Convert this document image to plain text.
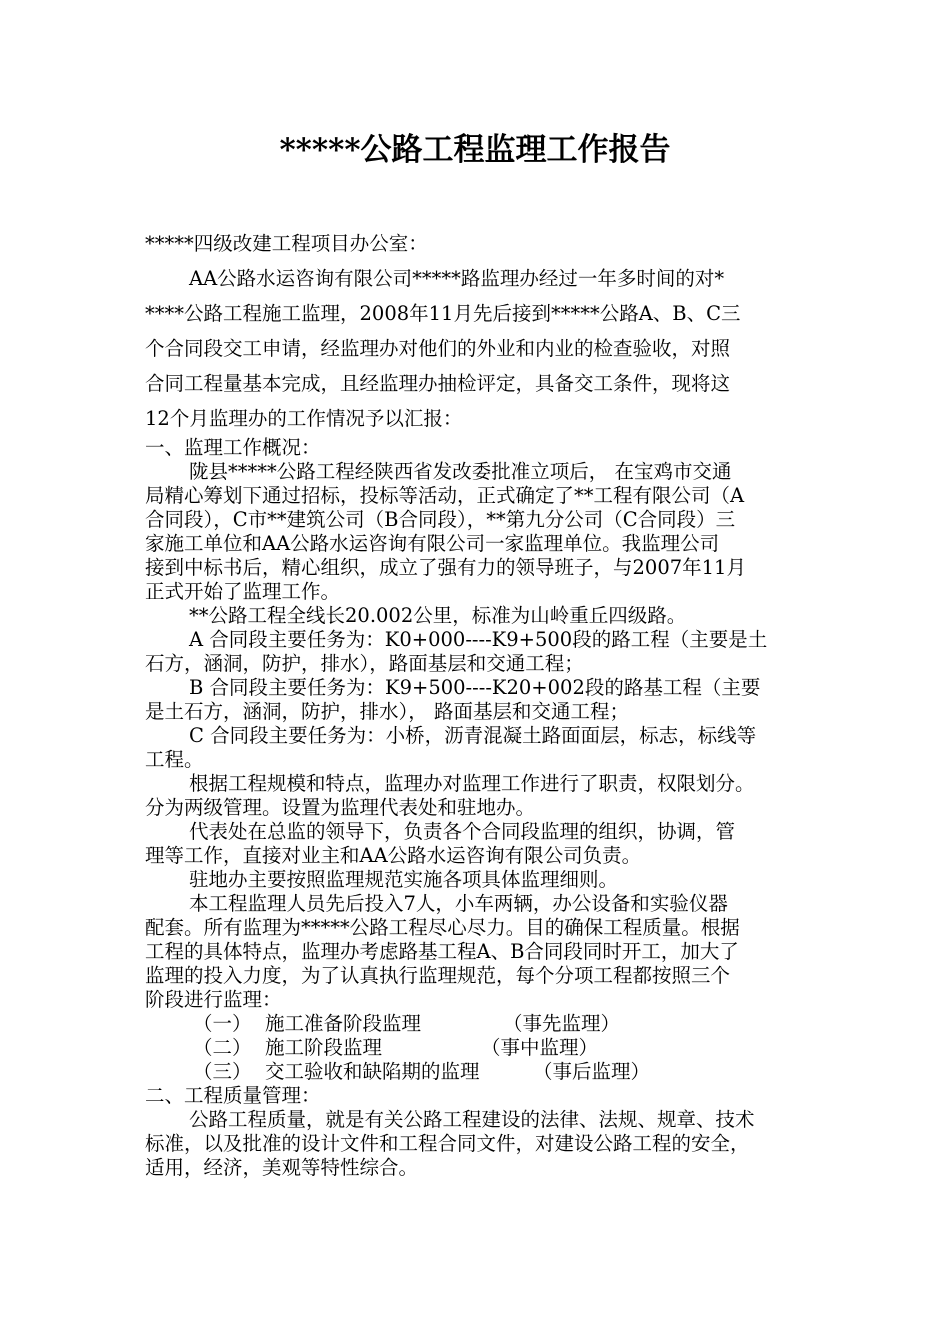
*****公路工程监理工作报告
*****四级改建工程项目办公室：
AA公路水运咨询有限公司*****路监理办经过一年多时间的对*
****公路工程施工监理，2008年11月先后接到*****公路A、B、C三
个合同段交工申请，经监理办对他们的外业和内业的检查验收，对照
合同工程量基本完成，且经监理办抽检评定，具备交工条件，现将这
12个月监理办的工作情况予以汇报：
一、监理工作概况：
陇县*****公路工程经陕西省发改委批准立项后， 在宝鸡市交通
局精心筹划下通过招标，投标等活动，正式确定了**工程有限公司（A
合同段），C市**建筑公司（B合同段），**第九分公司（C合同段）三
家施工单位和AA公路水运咨询有限公司一家监理单位。我监理公司
接到中标书后，精心组织，成立了强有力的领导班子，与2007年11月
正式开始了监理工作。
**公路工程全线长20.002公里，标准为山岭重丘四级路。
A 合同段主要任务为：K0+000----K9+500段的路工程（主要是土
石方，涵洞，防护，排水），路面基层和交通工程；
B 合同段主要任务为：K9+500----K20+002段的路基工程（主要
是土石方，涵洞，防护，排水）， 路面基层和交通工程；
C 合同段主要任务为：小桥，沥青混凝土路面面层，标志，标线等
工程。
根据工程规模和特点，监理办对监理工作进行了职责，权限划分。
分为两级管理。设置为监理代表处和驻地办。
代表处在总监的领导下，负责各个合同段监理的组织，协调，管
理等工作，直接对业主和AA公路水运咨询有限公司负责。
驻地办主要按照监理规范实施各项具体监理细则。
本工程监理人员先后投入7人，小车两辆，办公设备和实验仪器
配套。所有监理为*****公路工程尽心尽力。目的确保工程质量。根据
工程的具体特点，监理办考虑路基工程A、B合同段同时开工，加大了
监理的投入力度，为了认真执行监理规范，每个分项工程都按照三个
阶段进行监理：
（一） 施工准备阶段监理	（事先监理）
（二） 施工阶段监理	（事中监理）
（三） 交工验收和缺陷期的监理	（事后监理）
二、工程质量管理：
公路工程质量，就是有关公路工程建设的法律、法规、规章、技术
标准，以及批准的设计文件和工程合同文件，对建设公路工程的安全，
适用，经济，美观等特性综合。
